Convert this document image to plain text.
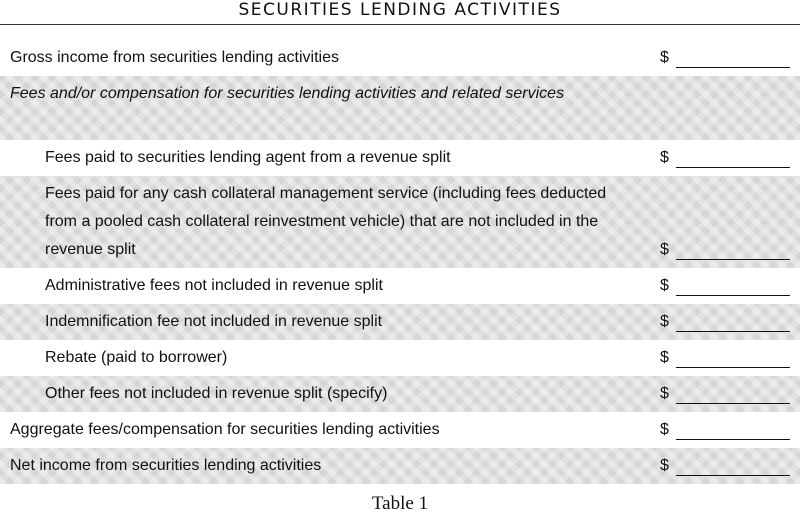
SECURITIES LENDING ACTIVITIES
Gross income from securities lending activities	$
Fees and/or compensation for securities lending activities and related services
Fees paid to securities lending agent from a revenue split	$
Fees paid for any cash collateral management service (including fees deducted from a pooled cash collateral reinvestment vehicle) that are not included in the revenue split	$
Administrative fees not included in revenue split	$
Indemnification fee not included in revenue split	$
Rebate (paid to borrower)	$
Other fees not included in revenue split (specify)	$
Aggregate fees/compensation for securities lending activities	$
Net income from securities lending activities	$
Table 1
